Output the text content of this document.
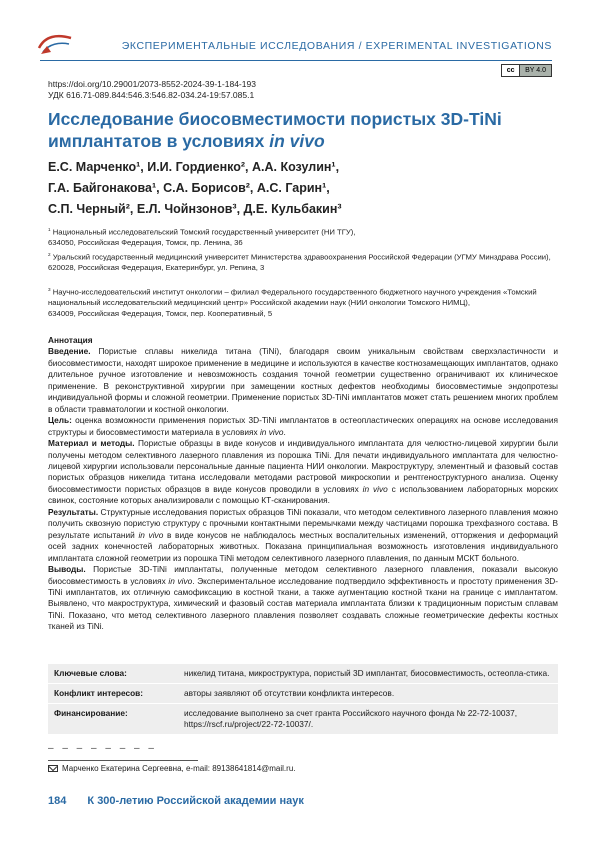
ЭКСПЕРИМЕНТАЛЬНЫЕ ИССЛЕДОВАНИЯ / EXPERIMENTAL INVESTIGATIONS
cc	BY 4.0
https://doi.org/10.29001/2073-8552-2024-39-1-184-193
УДК 616.71-089.844:546.3:546.82-034.24-19:57.085.1
Исследование биосовместимости пористых 3D-TiNi имплантатов в условиях in vivo
Е.С. Марченко¹, И.И. Гордиенко², А.А. Козулин¹,
Г.А. Байгонакова¹, С.А. Борисов², А.С. Гарин¹,
С.П. Черный², Е.Л. Чойнзонов³, Д.Е. Кульбакин³
$^1$ Национальный исследовательский Томский государственный университет (НИ ТГУ),
634050, Российская Федерация, Томск, пр. Ленина, 36
$^2$ Уральский государственный медицинский университет Министерства здравоохранения Российской Федерации (УГМУ Минздрава России),
620028, Российская Федерация, Екатеринбург, ул. Репина, 3
$^3$ Научно-исследовательский институт онкологии – филиал Федерального государственного бюджетного научного учреждения «Томский национальный исследовательский медицинский центр» Российской академии наук (НИИ онкологии Томского НИМЦ),
634009, Российская Федерация, Томск, пер. Кооперативный, 5
Аннотация

Введение. Пористые сплавы никелида титана (TiNi), благодаря своим уникальным свойствам сверхэластичности и биосовместимости, находят широкое применение в медицине и используются в качестве костнозамещающих имплантатов, однако длительное ручное изготовление и невозможность создания точной геометрии существенно ограничивают их клиническое применение. В реконструктивной хирургии при замещении костных дефектов необходимы биосовместимые эндопротезы индивидуальной формы и сложной геометрии. Применение пористых 3D-TiNi имплантатов может стать решением многих проблем в области травматологии и костной онкологии.

Цель: оценка возможности применения пористых 3D-TiNi имплантатов в остеопластических операциях на основе исследования структуры и биосовместимости материала в условиях in vivo.

Материал и методы. Пористые образцы в виде конусов и индивидуального имплантата для челюстно-лицевой хирургии были получены методом селективного лазерного плавления из порошка TiNi. Для печати индивидуального имплантата для челюстно-лицевой хирургии использовали персональные данные пациента НИИ онкологии. Макроструктуру, элементный и фазовый состав пористых образцов никелида титана исследовали методами растровой микроскопии и рентгеноструктурного анализа. Оценку биосовместимости пористых образцов в виде конусов проводили в условиях in vivo с использованием лабораторных морских свинок, состояние которых анализировали с помощью КТ-сканирования.

Результаты. Структурные исследования пористых образцов TiNi показали, что методом селективного лазерного плавления можно получить сквозную пористую структуру с прочными контактными перемычками между частицами порошка трехфазного состава. В результате испытаний in vivo в виде конусов не наблюдалось местных воспалительных изменений, отторжения и деформаций осей задних конечностей лабораторных животных. Показана принципиальная возможность изготовления индивидуального имплантата сложной геометрии из порошка TiNi методом селективного лазерного плавления, по данным МСКТ больного.

Выводы. Пористые 3D-TiNi имплантаты, полученные методом селективного лазерного плавления, показали высокую биосовместимость в условиях in vivo. Экспериментальное исследование подтвердило эффективность и простоту применения 3D-TiNi имплантатов, их отличную самофиксацию в костной ткани, а также аугментацию костной ткани на границе с имплантатом. Выявлено, что макроструктура, химический и фазовый состав материала имплантата близки к традиционным пористым сплавам TiNi. Показано, что метод селективного лазерного плавления позволяет создавать сложные геометрические дефекты костных тканей из TiNi.

Ключевые слова:	никелид титана, микроструктура, пористый 3D имплантат, биосовместимость, остеопла-стика.
Конфликт интересов:	авторы заявляют об отсутствии конфликта интересов.
Финансирование:	исследование выполнено за счет гранта Российского научного фонда № 22-72-10037, https://rscf.ru/project/22-72-10037/.
– – – – – – – –
Марченко Екатерина Сергеевна, e-mail: 89138641814@mail.ru.
184 К 300-летию Российской академии наук
